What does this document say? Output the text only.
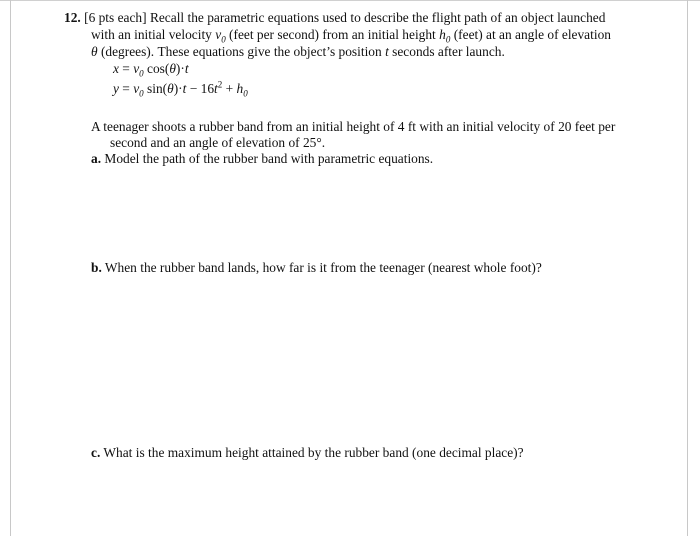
12. [6 pts each] Recall the parametric equations used to describe the flight path of an object launched
with an initial velocity $v_0$ (feet per second) from an initial height $h_0$ (feet) at an angle of elevation
θ (degrees). These equations give the object’s position t seconds after launch.
$x = v_0$ cos(θ)·t
$y = v_0$ $\sin(\theta)\cdot t - 16t^2 + h_0$
A teenager shoots a rubber band from an initial height of 4 ft with an initial velocity of 20 feet per
second and an angle of elevation of 25°.
a. Model the path of the rubber band with parametric equations.
b. When the rubber band lands, how far is it from the teenager (nearest whole foot)?
c. What is the maximum height attained by the rubber band (one decimal place)?
